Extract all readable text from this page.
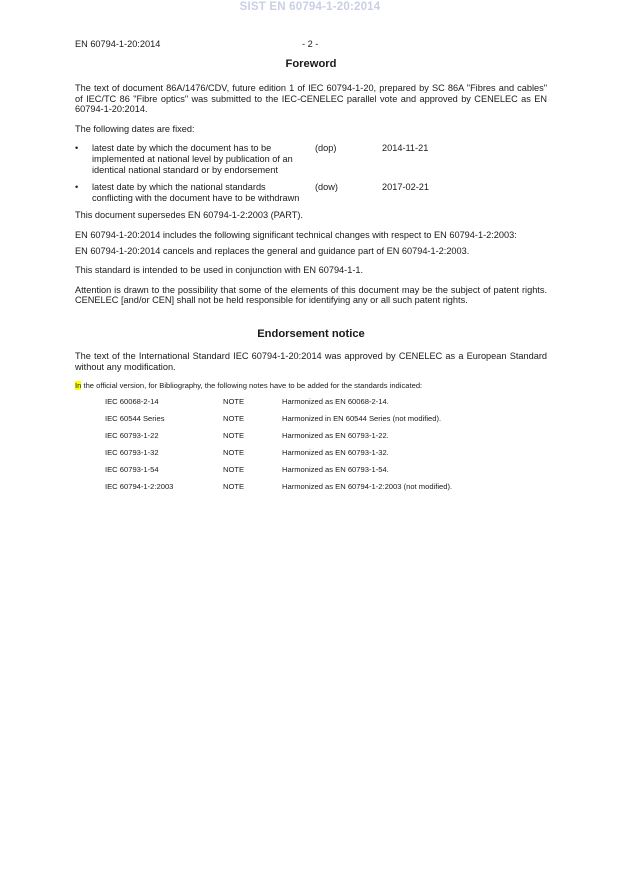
SIST EN 60794-1-20:2014
EN 60794-1-20:2014	- 2 -
Foreword

The text of document 86A/1476/CDV, future edition 1 of IEC 60794-1-20, prepared by SC 86A "Fibres and cables" of IEC/TC 86 "Fibre optics" was submitted to the IEC-CENELEC parallel vote and approved by CENELEC as EN 60794-1-20:2014.

The following dates are fixed:

• latest date by which the document has to be implemented at national level by publication of an identical national standard or by endorsement
(dop)	2014-11-21
• latest date by which the national standards conflicting with the document have to be withdrawn
(dow)	2017-02-21

This document supersedes EN 60794-1-2:2003 (PART).

EN 60794-1-20:2014 includes the following significant technical changes with respect to EN 60794-1-2:2003:

EN 60794-1-20:2014 cancels and replaces the general and guidance part of EN 60794-1-2:2003.

This standard is intended to be used in conjunction with EN 60794-1-1.

Attention is drawn to the possibility that some of the elements of this document may be the subject of patent rights. CENELEC [and/or CEN] shall not be held responsible for identifying any or all such patent rights.

Endorsement notice

The text of the International Standard IEC 60794-1-20:2014 was approved by CENELEC as a European Standard without any modification.

In the official version, for Bibliography, the following notes have to be added for the standards indicated:
IEC 60068-2-14	NOTE	Harmonized as EN 60068-2-14.
IEC 60544 Series	NOTE	Harmonized in EN 60544 Series (not modified).
IEC 60793-1-22	NOTE	Harmonized as EN 60793-1-22.
IEC 60793-1-32	NOTE	Harmonized as EN 60793-1-32.
IEC 60793-1-54	NOTE	Harmonized as EN 60793-1-54.
IEC 60794-1-2:2003	NOTE	Harmonized as EN 60794-1-2:2003 (not modified).
